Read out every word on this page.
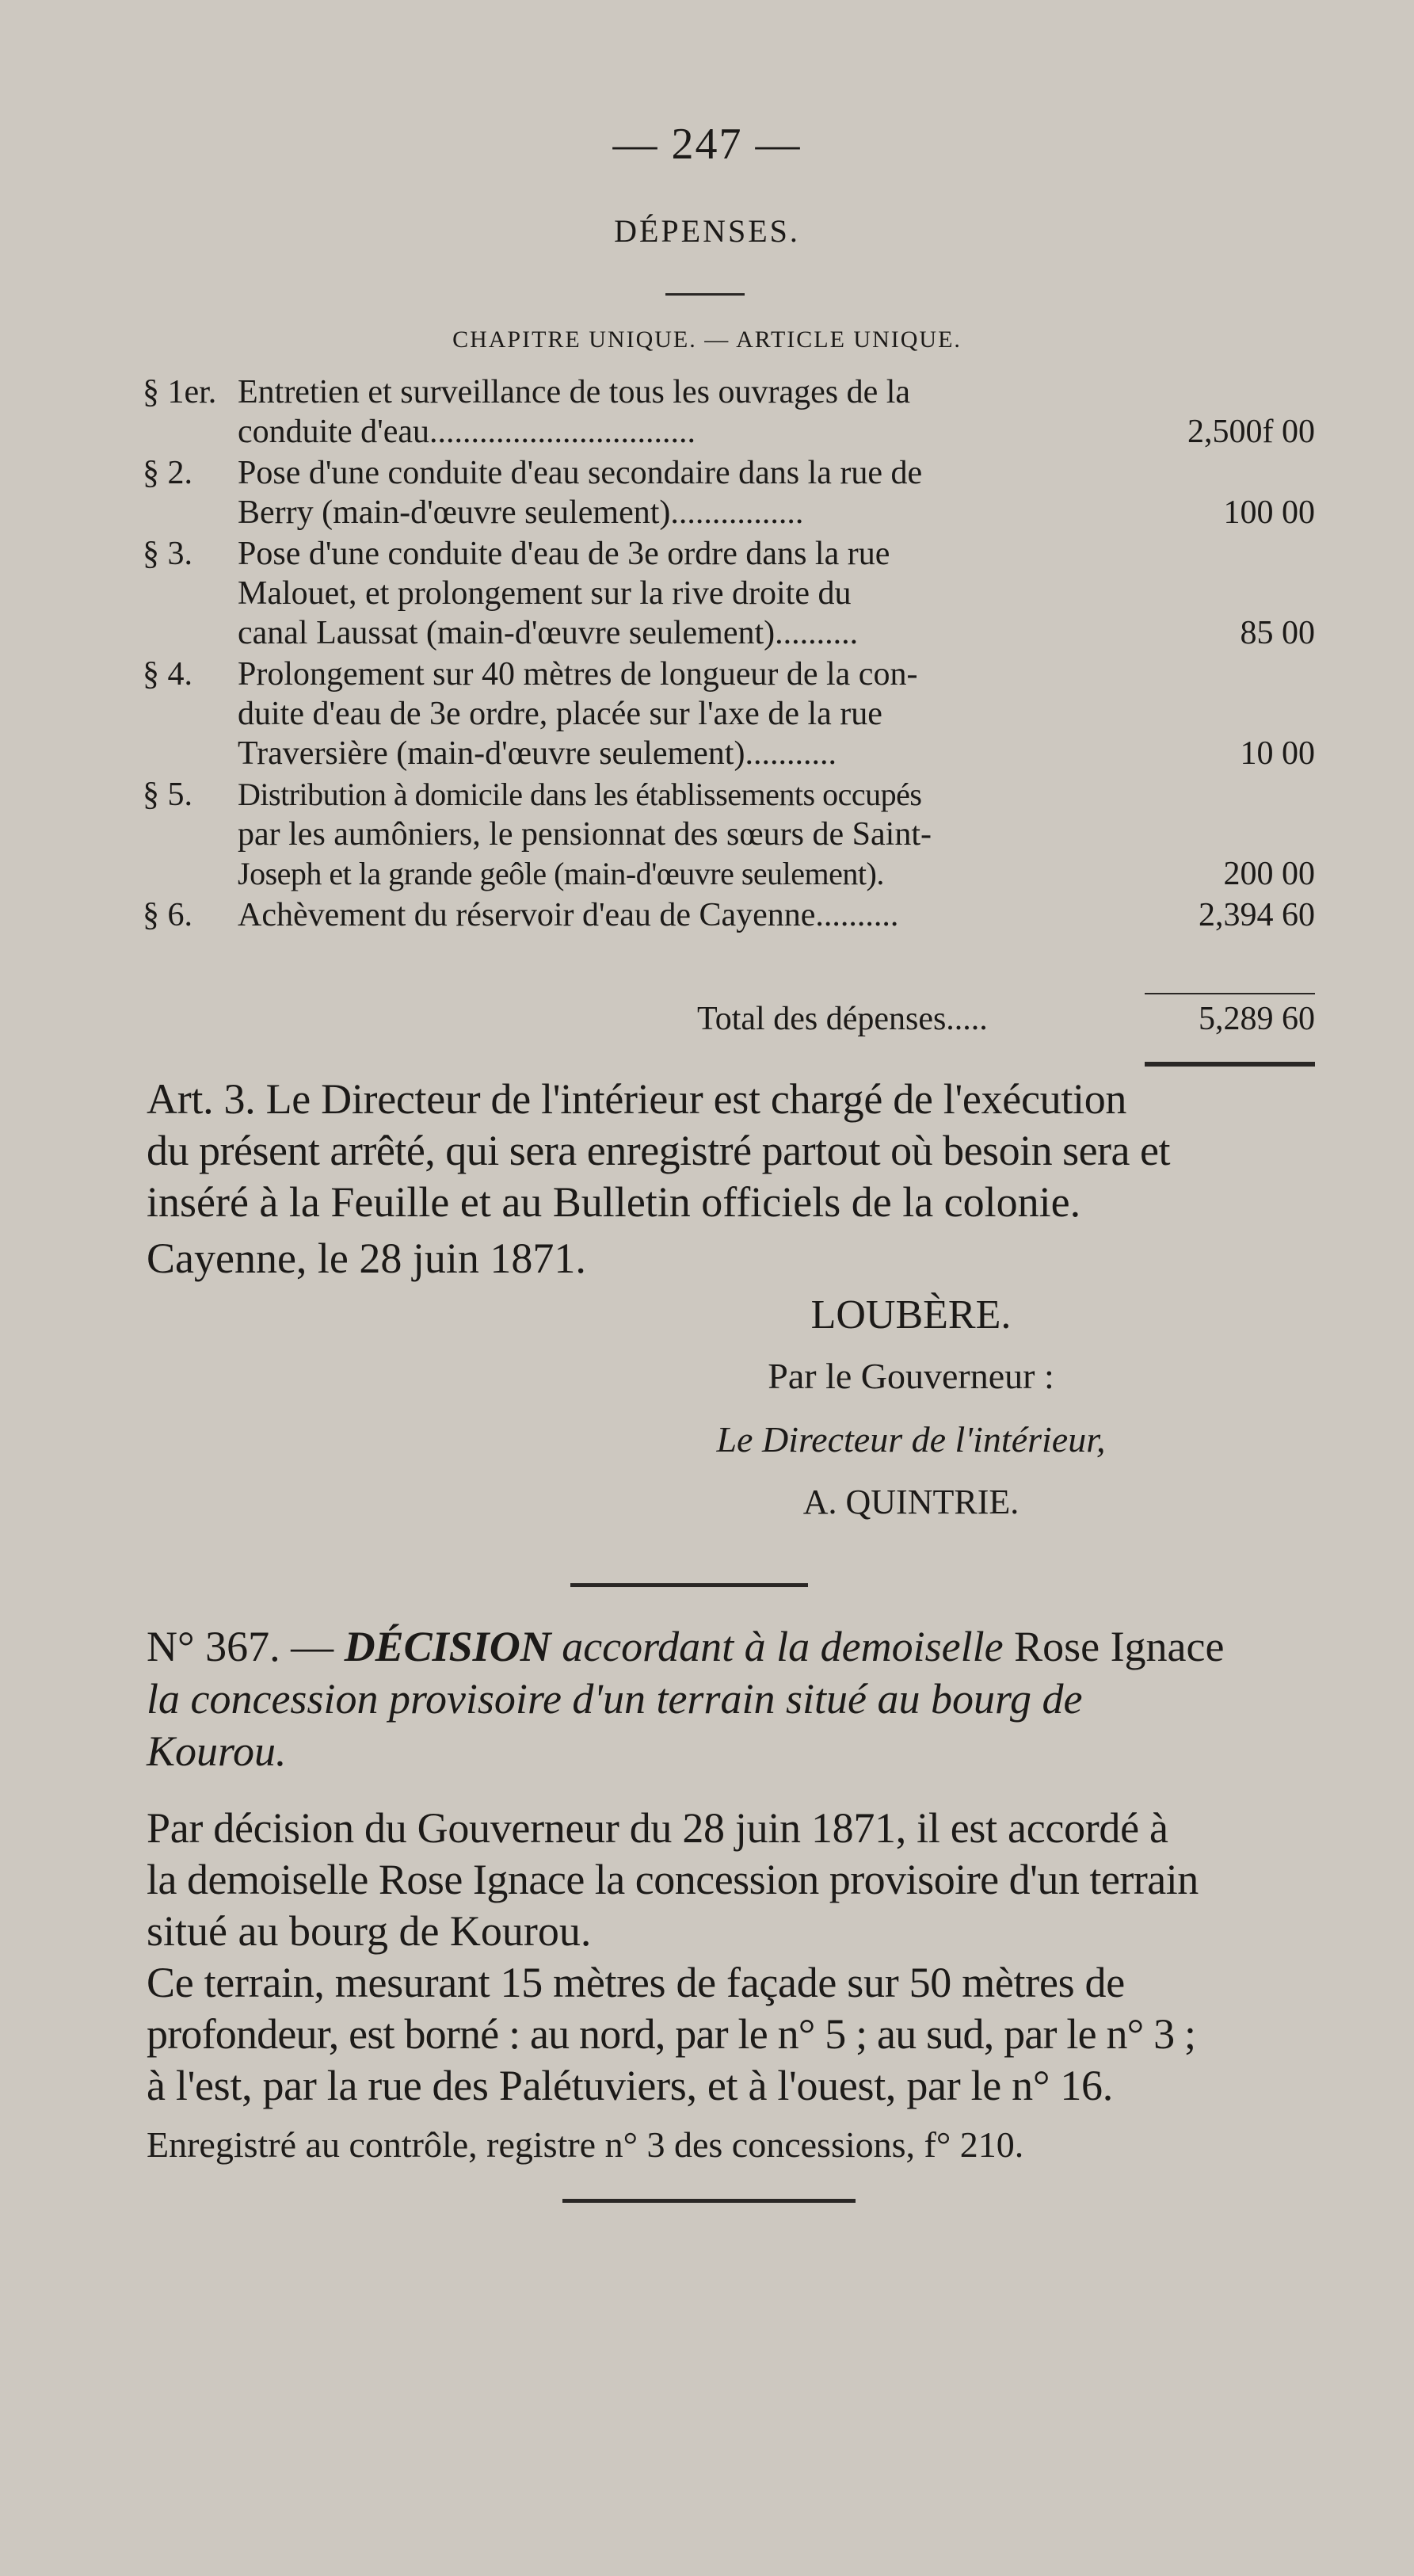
— 247 —
DÉPENSES.
CHAPITRE UNIQUE. — ARTICLE UNIQUE.
§ 1er. Entretien et surveillance de tous les ouvrages de la
conduite d'eau................................	2,500f 00
§ 2.	Pose d'une conduite d'eau secondaire dans la rue de
Berry (main-d'œuvre seulement)................	100 00
§ 3.	Pose d'une conduite d'eau de 3e ordre dans la rue
Malouet, et prolongement sur la rive droite du
canal Laussat (main-d'œuvre seulement)..........	85 00
§ 4.	Prolongement sur 40 mètres de longueur de la con-
duite d'eau de 3e ordre, placée sur l'axe de la rue
Traversière (main-d'œuvre seulement)...........	10 00
§ 5.	Distribution à domicile dans les établissements occupés
par les aumôniers, le pensionnat des sœurs de Saint-
Joseph et la grande geôle (main-d'œuvre seulement).	200 00
§ 6.	Achèvement du réservoir d'eau de Cayenne..........	2,394 60
Total des dépenses.....	5,289 60
Art. 3. Le Directeur de l'intérieur est chargé de l'exécution
du présent arrêté, qui sera enregistré partout où besoin sera et
inséré à la Feuille et au Bulletin officiels de la colonie.
Cayenne, le 28 juin 1871.
LOUBÈRE.
Par le Gouverneur :
Le Directeur de l'intérieur,
A. QUINTRIE.
N° 367. — DÉCISION accordant à la demoiselle Rose Ignace
la concession provisoire d'un terrain situé au bourg de
Kourou.
Par décision du Gouverneur du 28 juin 1871, il est accordé à
la demoiselle Rose Ignace la concession provisoire d'un terrain
situé au bourg de Kourou.
Ce terrain, mesurant 15 mètres de façade sur 50 mètres de
profondeur, est borné : au nord, par le n° 5 ; au sud, par le n° 3 ;
à l'est, par la rue des Palétuviers, et à l'ouest, par le n° 16.
Enregistré au contrôle, registre n° 3 des concessions, f° 210.
